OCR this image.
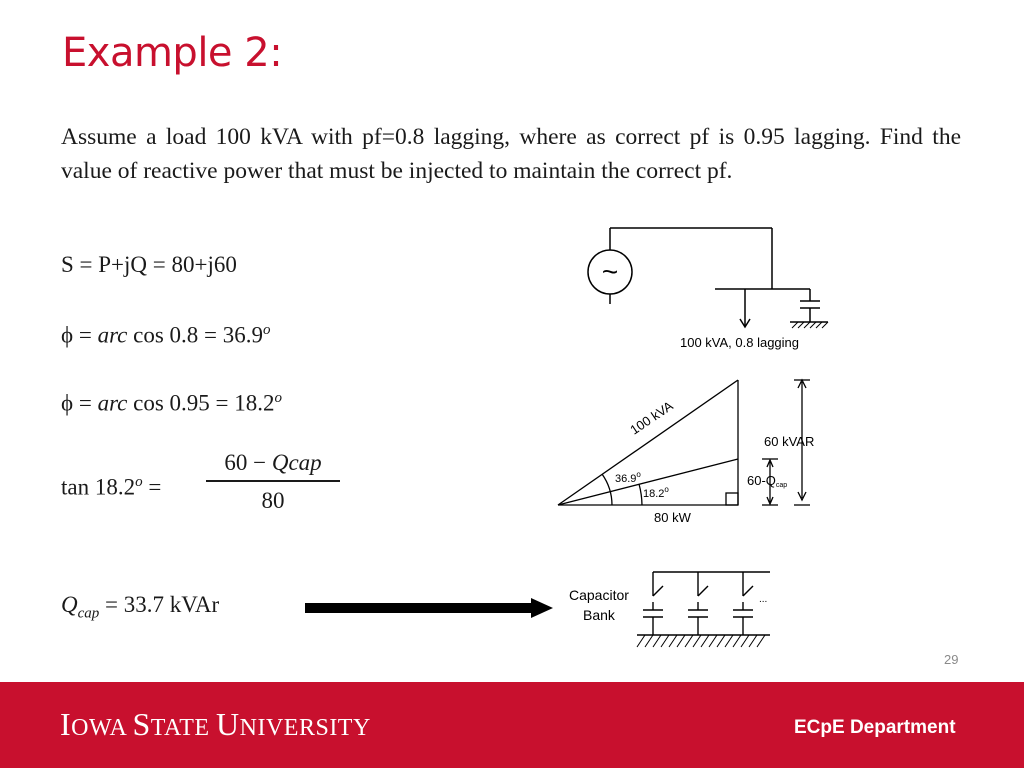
Example 2:
Assume a load 100 kVA with pf=0.8 lagging, where as correct pf is 0.95 lagging. Find the value of reactive power that must be injected to maintain the correct pf.
S = P+jQ = 80+j60
ϕ = arc $\cos 0.8 = 36.9^o$
ϕ = arc $\cos 0.95 = 18.2^o$
$\tan 18.2^o$ =
60 − Qcap
80
$Q_{cap} = 33.7$ kVAr
~
100 kVA, 0.8 lagging
100 kVA
60 kVAR
60-Qcap
36.9$^o$
18.2$^o$
80 kW
Capacitor
Bank
...
29
IOWA STATE UNIVERSITY	ECpE Department
